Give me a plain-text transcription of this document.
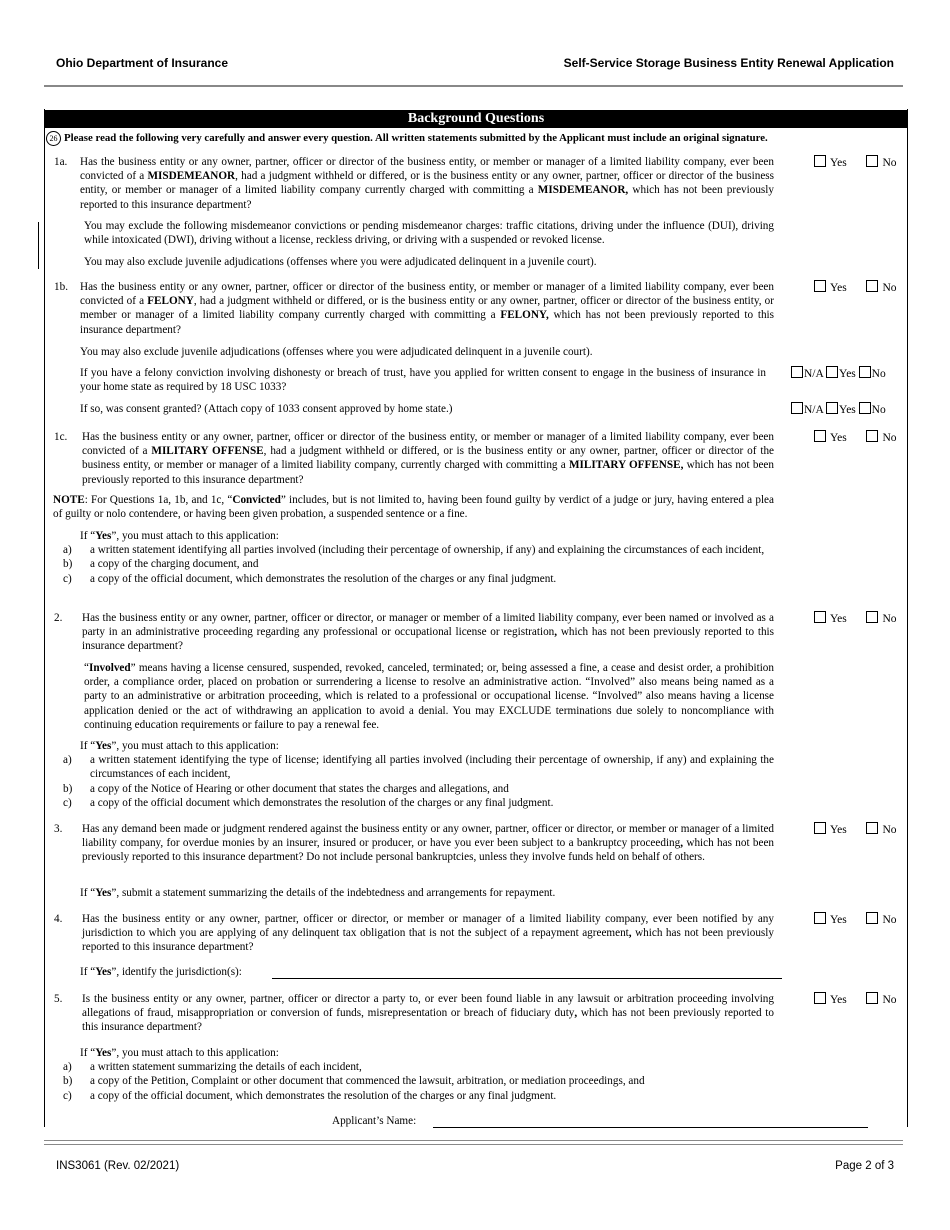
Ohio Department of Insurance	Self-Service Storage Business Entity Renewal Application
Background Questions
26 Please read the following very carefully and answer every question. All written statements submitted by the Applicant must include an original signature.
1a. Has the business entity or any owner, partner, officer or director of the business entity, or member or manager of a limited liability company, ever been convicted of a MISDEMEANOR, had a judgment withheld or differed, or is the business entity or any owner, partner, officer or director of the business entity, or member or manager of a limited liability company currently charged with committing a MISDEMEANOR, which has not been previously reported to this insurance department?
Yes	No
You may exclude the following misdemeanor convictions or pending misdemeanor charges: traffic citations, driving under the influence (DUI), driving while intoxicated (DWI), driving without a license, reckless driving, or driving with a suspended or revoked license.
You may also exclude juvenile adjudications (offenses where you were adjudicated delinquent in a juvenile court).
1b. Has the business entity or any owner, partner, officer or director of the business entity, or member or manager of a limited liability company, ever been convicted of a FELONY, had a judgment withheld or differed, or is the business entity or any owner, partner, officer or director of the business entity, or member or manager of a limited liability company currently charged with committing a FELONY, which has not been previously reported to this insurance department?
Yes	No
You may also exclude juvenile adjudications (offenses where you were adjudicated delinquent in a juvenile court).
If you have a felony conviction involving dishonesty or breach of trust, have you applied for written consent to engage in the business of insurance in your home state as required by 18 USC 1033?
N/A Yes No
If so, was consent granted? (Attach copy of 1033 consent approved by home state.)	N/A Yes No
1c. Has the business entity or any owner, partner, officer or director of the business entity, or member or manager of a limited liability company, ever been convicted of a MILITARY OFFENSE, had a judgment withheld or differed, or is the business entity or any owner, partner, officer or director of the business entity, or member or manager of a limited liability company, currently charged with committing a MILITARY OFFENSE, which has not been previously reported to this insurance department?
Yes	No
NOTE: For Questions 1a, 1b, and 1c, “Convicted” includes, but is not limited to, having been found guilty by verdict of a judge or jury, having entered a plea of guilty or nolo contendere, or having been given probation, a suspended sentence or a fine.
If “Yes”, you must attach to this application:
a) a written statement identifying all parties involved (including their percentage of ownership, if any) and explaining the circumstances of each incident,
b) a copy of the charging document, and
c) a copy of the official document, which demonstrates the resolution of the charges or any final judgment.
2. Has the business entity or any owner, partner, officer or director, or manager or member of a limited liability company, ever been named or involved as a party in an administrative proceeding regarding any professional or occupational license or registration, which has not been previously reported to this insurance department?
Yes	No
“Involved” means having a license censured, suspended, revoked, canceled, terminated; or, being assessed a fine, a cease and desist order, a prohibition order, a compliance order, placed on probation or surrendering a license to resolve an administrative action. “Involved” also means being named as a party to an administrative or arbitration proceeding, which is related to a professional or occupational license. “Involved” also means having a license application denied or the act of withdrawing an application to avoid a denial. You may EXCLUDE terminations due solely to noncompliance with continuing education requirements or failure to pay a renewal fee.
If “Yes”, you must attach to this application:
a) a written statement identifying the type of license; identifying all parties involved (including their percentage of ownership, if any) and explaining the circumstances of each incident,
b) a copy of the Notice of Hearing or other document that states the charges and allegations, and
c) a copy of the official document which demonstrates the resolution of the charges or any final judgment.
3. Has any demand been made or judgment rendered against the business entity or any owner, partner, officer or director, or member or manager of a limited liability company, for overdue monies by an insurer, insured or producer, or have you ever been subject to a bankruptcy proceeding, which has not been previously reported to this insurance department? Do not include personal bankruptcies, unless they involve funds held on behalf of others.
Yes	No
If “Yes”, submit a statement summarizing the details of the indebtedness and arrangements for repayment.
4. Has the business entity or any owner, partner, officer or director, or member or manager of a limited liability company, ever been notified by any jurisdiction to which you are applying of any delinquent tax obligation that is not the subject of a repayment agreement, which has not been previously reported to this insurance department?
Yes	No
If “Yes”, identify the jurisdiction(s):
5. Is the business entity or any owner, partner, officer or director a party to, or ever been found liable in any lawsuit or arbitration proceeding involving allegations of fraud, misappropriation or conversion of funds, misrepresentation or breach of fiduciary duty, which has not been previously reported to this insurance department?
Yes	No
If “Yes”, you must attach to this application:
a) a written statement summarizing the details of each incident,
b) a copy of the Petition, Complaint or other document that commenced the lawsuit, arbitration, or mediation proceedings, and
c) a copy of the official document, which demonstrates the resolution of the charges or any final judgment.
Applicant’s Name:
INS3061 (Rev. 02/2021)	Page 2 of 3
